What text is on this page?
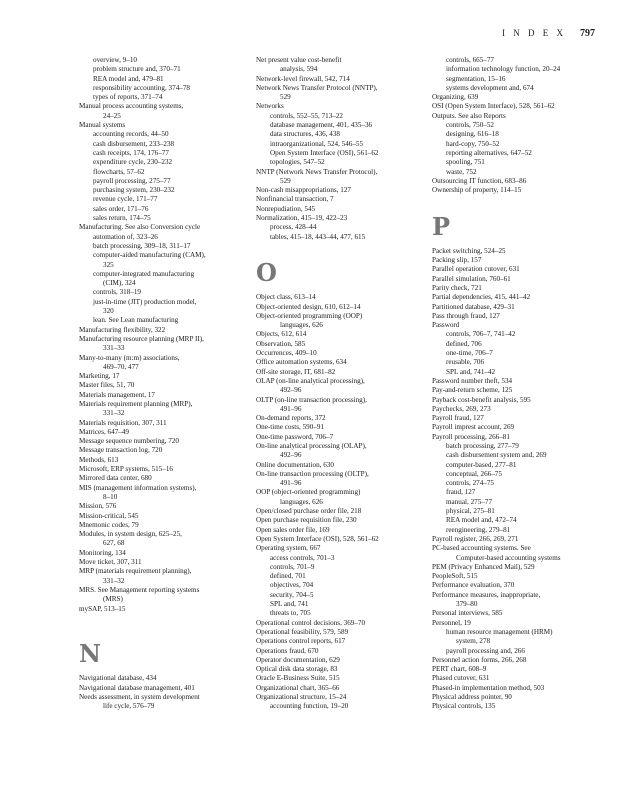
I N D E X 797
overview, 9–10
problem structure and, 370–71
REA model and, 479–81
responsibility accounting, 374–78
types of reports, 371–74
Manual process accounting systems,
24–25
Manual systems
accounting records, 44–50
cash disbursement, 233–238
cash receipts, 174, 176–77
expenditure cycle, 230–232
flowcharts, 57–62
payroll processing, 275–77
purchasing system, 230–232
revenue cycle, 171–77
sales order, 171–76
sales return, 174–75
Manufacturing. See also Conversion cycle
automation of, 323–26
batch processing, 309–18, 311–17
computer-aided manufacturing (CAM),
325
computer-integrated manufacturing
(CIM), 324
controls, 318–19
just-in-time (JIT) production model,
320
lean. See Lean manufacturing
Manufacturing flexibility, 322
Manufacturing resource planning (MRP II),
331–33
Many-to-many (m:m) associations,
469–70, 477
Marketing, 17
Master files, 51, 70
Materials management, 17
Materials requirement planning (MRP),
331–32
Materials requisition, 307, 311
Matrices, 647–49
Message sequence numbering, 720
Message transaction log, 720
Methods, 613
Microsoft, ERP systems, 515–16
Mirrored data center, 680
MIS (management information systems),
8–10
Mission, 576
Mission-critical, 545
Mnemonic codes, 79
Modules, in system design, 625–25,
627, 68
Monitoring, 134
Move ticket, 307, 311
MRP (materials requirement planning),
331–32
MRS. See Management reporting systems
(MRS)
mySAP, 513–15
N
Navigational database, 434
Navigational database management, 401
Needs assessment, in system development
life cycle, 576–79
Net present value cost-benefit
analysis, 594
Network-level firewall, 542, 714
Network News Transfer Protocol (NNTP),
529
Networks
controls, 552–55, 713–22
database management, 401, 435–36
data structures, 436, 438
intraorganizational, 524, 546–55
Open System Interface (OSI), 561–62
topologies, 547–52
NNTP (Network News Transfer Protocol),
529
Non-cash misappropriations, 127
Nonfinancial transaction, 7
Nonrepudiation, 545
Normalization, 415–19, 422–23
process, 428–44
tables, 415–18, 443–44, 477, 615
O
Object class, 613–14
Object-oriented design, 610, 612–14
Object-oriented programming (OOP)
languages, 626
Objects, 612, 614
Observation, 585
Occurrences, 409–10
Office automation systems, 634
Off-site storage, IT, 681–82
OLAP (on-line analytical processing),
492–96
OLTP (on-line transaction processing),
491–96
On-demand reports, 372
One-time costs, 590–91
One-time password, 706–7
On-line analytical processing (OLAP),
492–96
Online documentation, 630
On-line transaction processing (OLTP),
491–96
OOP (object-oriented programming)
languages, 626
Open/closed purchase order file, 218
Open purchase requisition file, 230
Open sales order file, 169
Open System Interface (OSI), 528, 561–62
Operating system, 667
access controls, 701–3
controls, 701–9
defined, 701
objectives, 704
security, 704–5
SPL and, 741
threats to, 705
Operational control decisions, 369–70
Operational feasibility, 579, 589
Operations control reports, 617
Operations fraud, 670
Operator documentation, 629
Optical disk data storage, 83
Oracle E-Business Suite, 515
Organizational chart, 365–66
Organizational structure, 15–24
accounting function, 19–20
controls, 665–77
information technology function, 20–24
segmentation, 15–16
systems development and, 674
Organizing, 639
OSI (Open System Interface), 528, 561–62
Outputs. See also Reports
controls, 750–52
designing, 616–18
hard-copy, 750–52
reporting alternatives, 647–52
spooling, 751
waste, 752
Outsourcing IT function, 683–86
Ownership of property, 114–15
P
Packet switching, 524–25
Packing slip, 157
Parallel operation cutover, 631
Parallel simulation, 760–61
Parity check, 721
Partial dependencies, 415, 441–42
Partitioned database, 429–31
Pass through fraud, 127
Password
controls, 706–7, 741–42
defined, 706
one-time, 706–7
reusable, 706
SPL and, 741–42
Password number theft, 534
Pay-and-return scheme, 125
Payback cost-benefit analysis, 595
Paychecks, 269, 273
Payroll fraud, 127
Payroll imprest account, 269
Payroll processing, 266–81
batch processing, 277–79
cash disbursement system and, 269
computer-based, 277–81
conceptual, 266–75
controls, 274–75
fraud, 127
manual, 275–77
physical, 275–81
REA model and, 472–74
reengineering, 279–81
Payroll register, 266, 269, 271
PC-based accounting systems. See
Computer-based accounting systems
PEM (Privacy Enhanced Mail), 529
PeopleSoft, 515
Performance evaluation, 370
Performance measures, inappropriate,
379–80
Personal interviews, 585
Personnel, 19
human resource management (HRM)
system, 278
payroll processing and, 266
Personnel action forms, 266, 268
PERT chart, 608–9
Phased cutover, 631
Phased-in implementation method, 503
Physical address pointer, 90
Physical controls, 135
